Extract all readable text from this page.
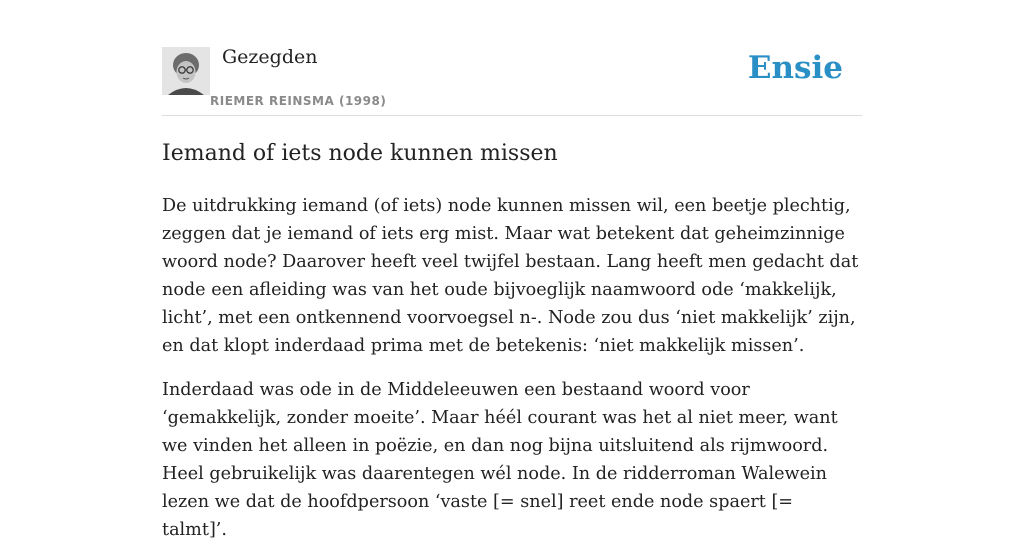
Gezegden
RIEMER REINSMA (1998)
Ensie
Iemand of iets node kunnen missen

De uitdrukking iemand (of iets) node kunnen missen wil, een beetje plechtig, zeggen dat je iemand of iets erg mist. Maar wat betekent dat geheimzinnige woord node? Daarover heeft veel twijfel bestaan. Lang heeft men gedacht dat node een afleiding was van het oude bijvoeglijk naamwoord ode ‘makkelijk, licht’, met een ontkennend voorvoegsel n-. Node zou dus ‘niet makkelijk’ zijn, en dat klopt inderdaad prima met de betekenis: ‘niet makkelijk missen’.

Inderdaad was ode in de Middeleeuwen een bestaand woord voor ‘gemakkelijk, zonder moeite’. Maar héél courant was het al niet meer, want we vinden het alleen in poëzie, en dan nog bijna uitsluitend als rijmwoord. Heel gebruikelijk was daarentegen wél node. In de ridderroman Walewein lezen we dat de hoofdpersoon ‘vaste [= snel] reet ende node spaert [= talmt]’.
